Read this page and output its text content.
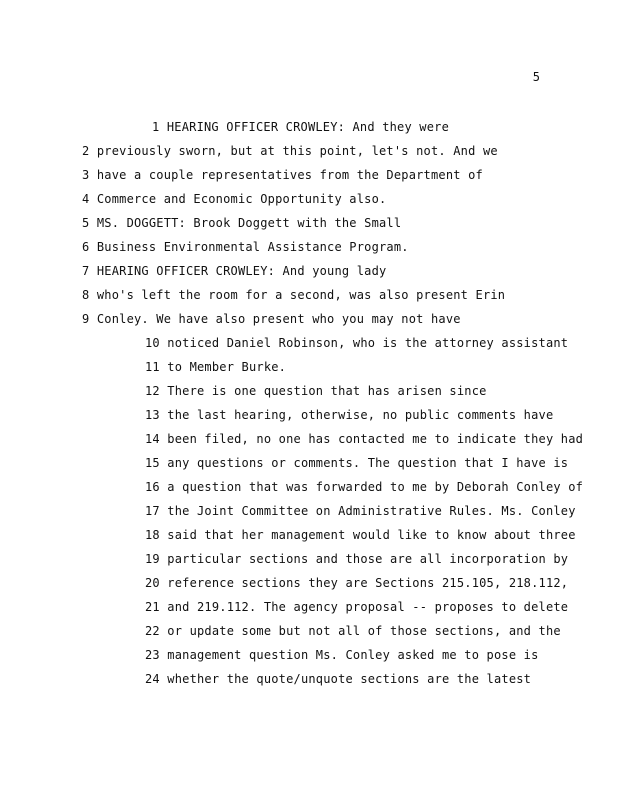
5
1 HEARING OFFICER CROWLEY: And they were
2 previously sworn, but at this point, let's not. And we
3 have a couple representatives from the Department of
4 Commerce and Economic Opportunity also.
5 MS. DOGGETT: Brook Doggett with the Small
6 Business Environmental Assistance Program.
7 HEARING OFFICER CROWLEY: And young lady
8 who's left the room for a second, was also present Erin
9 Conley. We have also present who you may not have
10 noticed Daniel Robinson, who is the attorney assistant
11 to Member Burke.
12 There is one question that has arisen since
13 the last hearing, otherwise, no public comments have
14 been filed, no one has contacted me to indicate they had
15 any questions or comments. The question that I have is
16 a question that was forwarded to me by Deborah Conley of
17 the Joint Committee on Administrative Rules. Ms. Conley
18 said that her management would like to know about three
19 particular sections and those are all incorporation by
20 reference sections they are Sections 215.105, 218.112,
21 and 219.112. The agency proposal -- proposes to delete
22 or update some but not all of those sections, and the
23 management question Ms. Conley asked me to pose is
24 whether the quote/unquote sections are the latest
